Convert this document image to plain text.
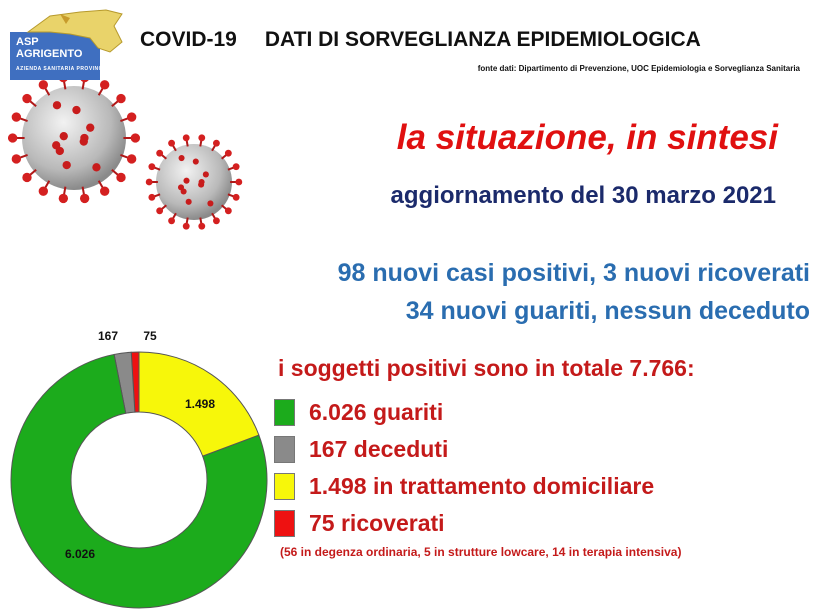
ASP
AGRIGENTO
AZIENDA SANITARIA PROVINCIALE
COVID-19 DATI DI SORVEGLIANZA EPIDEMIOLOGICA
fonte dati: Dipartimento di Prevenzione, UOC Epidemiologia e Sorveglianza Sanitaria
la situazione, in sintesi
aggiornamento del 30 marzo 2021
98 nuovi casi positivi, 3 nuovi ricoverati
34 nuovi guariti, nessun deceduto
75
167
6.026
1.498
i soggetti positivi sono in totale 7.766:
6.026 guariti
167 deceduti
1.498 in trattamento domiciliare
75 ricoverati
(56 in degenza ordinaria, 5 in strutture lowcare, 14 in terapia intensiva)
